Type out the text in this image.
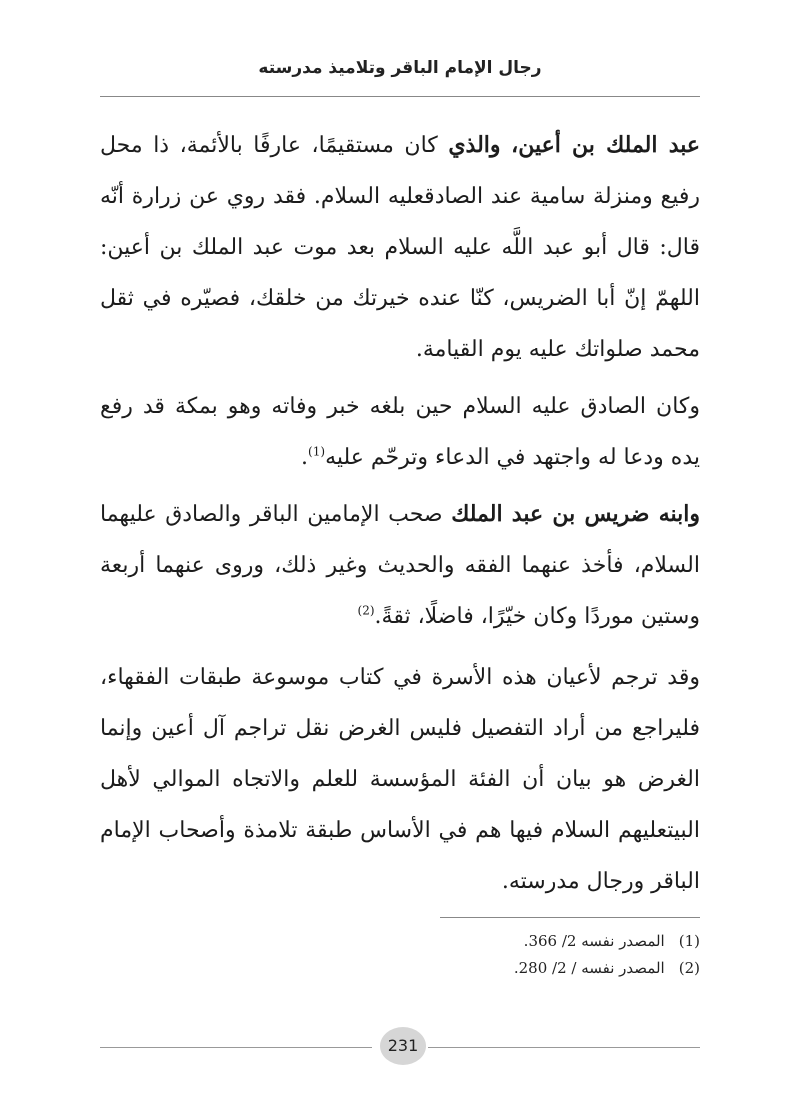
رجال الإمام الباقر وتلاميذ مدرسته

عبد الملك بن أعين، والذي كان مستقيمًا، عارفًا بالأئمة، ذا محل رفيع ومنزلة سامية عند الصادقعليه السلام. فقد روي عن زرارة أنّه قال: قال أبو عبد اللَّه عليه السلام بعد موت عبد الملك بن أعين: اللهمّ إنّ أبا الضريس، كنّا عنده خيرتك من خلقك، فصيّره في ثقل محمد صلواتك عليه يوم القيامة.

وكان الصادق عليه السلام حين بلغه خبر وفاته وهو بمكة قد رفع يده ودعا له واجتهد في الدعاء وترحّم عليه$^{(1)}$.

وابنه ضريس بن عبد الملك صحب الإمامين الباقر والصادق عليهما السلام، فأخذ عنهما الفقه والحديث وغير ذلك، وروى عنهما أربعة وستين موردًا وكان خيّرًا، فاضلًا، ثقةً.$^{(2)}$

وقد ترجم لأعيان هذه الأسرة في كتاب موسوعة طبقات الفقهاء، فليراجع من أراد التفصيل فليس الغرض نقل تراجم آل أعين وإنما الغرض هو بيان أن الفئة المؤسسة للعلم والاتجاه الموالي لأهل البيتعليهم السلام فيها هم في الأساس طبقة تلامذة وأصحاب الإمام الباقر ورجال مدرسته.

(1)المصدر نفسه 2/ 366.
(2)المصدر نفسه / 2/ 280.
231
